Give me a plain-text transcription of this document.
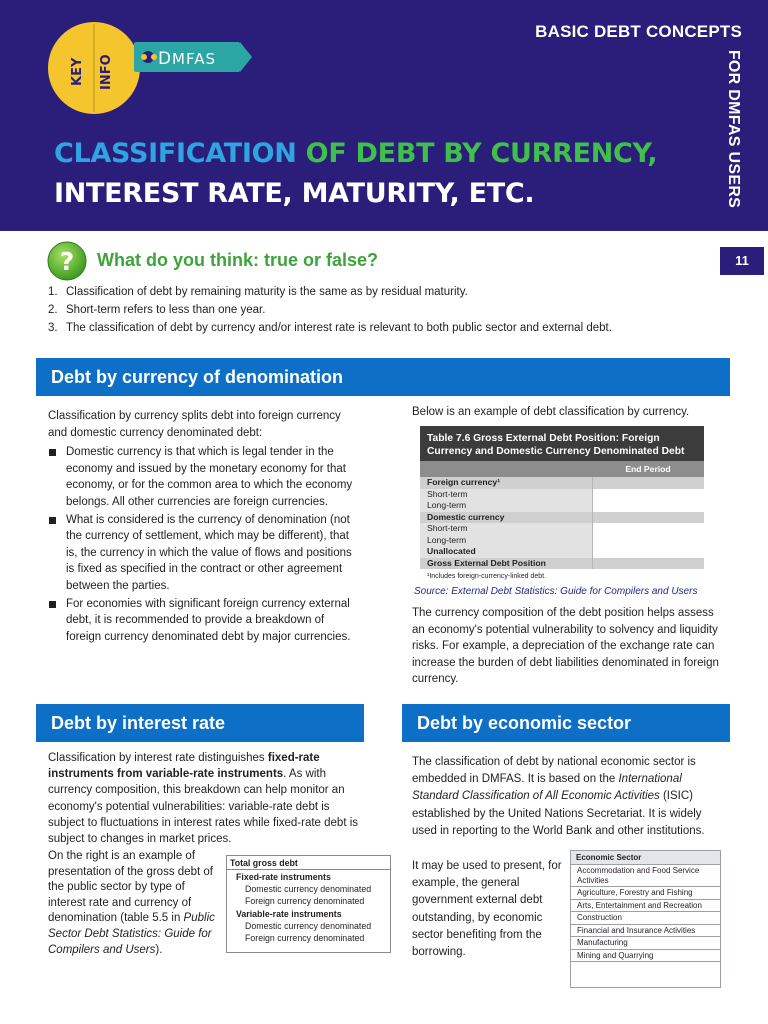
KEY INFO	D MFAS
BASIC DEBT CONCEPTS
FOR DMFAS USERS
CLASSIFICATION OF DEBT BY CURRENCY,
INTEREST RATE, MATURITY, ETC.
11
? What do you think: true or false?
1. Classification of debt by remaining maturity is the same as by residual maturity.
2. Short-term refers to less than one year.
3. The classification of debt by currency and/or interest rate is relevant to both public sector and external debt.
Debt by currency of denomination

Classification by currency splits debt into foreign currency and domestic currency denominated debt:

Domestic currency is that which is legal tender in the economy and issued by the monetary economy for that economy, or for the common area to which the economy belongs. All other currencies are foreign currencies.
What is considered is the currency of denomination (not the currency of settlement, which may be different), that is, the currency in which the value of flows and positions is fixed as specified in the contract or other agreement between the parties.
For economies with significant foreign currency external debt, it is recommended to provide a breakdown of foreign currency denominated debt by major currencies.
Below is an example of debt classification by currency.
Table 7.6 Gross External Debt Position: Foreign Currency and Domestic Currency Denominated Debt
End Period
Foreign currency¹
Short-term
Long-term
Domestic currency
Short-term
Long-term
Unallocated
Gross External Debt Position
¹Includes foreign-currency-linked debt.
Source: External Debt Statistics: Guide for Compilers and Users
The currency composition of the debt position helps assess an economy's potential vulnerability to solvency and liquidity risks. For example, a depreciation of the exchange rate can increase the burden of debt liabilities denominated in foreign currency.
Debt by interest rate
Classification by interest rate distinguishes fixed-rate instruments from variable-rate instruments. As with currency composition, this breakdown can help monitor an economy's potential vulnerabilities: variable-rate debt is subject to fluctuations in interest rates while fixed-rate debt is subject to changes in market prices.
On the right is an example of presentation of the gross debt of the public sector by type of interest rate and currency of denomination (table 5.5 in Public Sector Debt Statistics: Guide for Compilers and Users).
Total gross debt
Fixed-rate instruments
Domestic currency denominated
Foreign currency denominated
Variable-rate instruments
Domestic currency denominated
Foreign currency denominated
Debt by economic sector
The classification of debt by national economic sector is embedded in DMFAS. It is based on the International Standard Classification of All Economic Activities (ISIC) established by the United Nations Secretariat. It is widely used in reporting to the World Bank and other institutions.
It may be used to present, for example, the general government external debt outstanding, by economic sector benefiting from the borrowing.
Economic Sector
Accommodation and Food Service Activities
Agriculture, Forestry and Fishing
Arts, Entertainment and Recreation
Construction
Financial and Insurance Activities
Manufacturing
Mining and Quarrying
